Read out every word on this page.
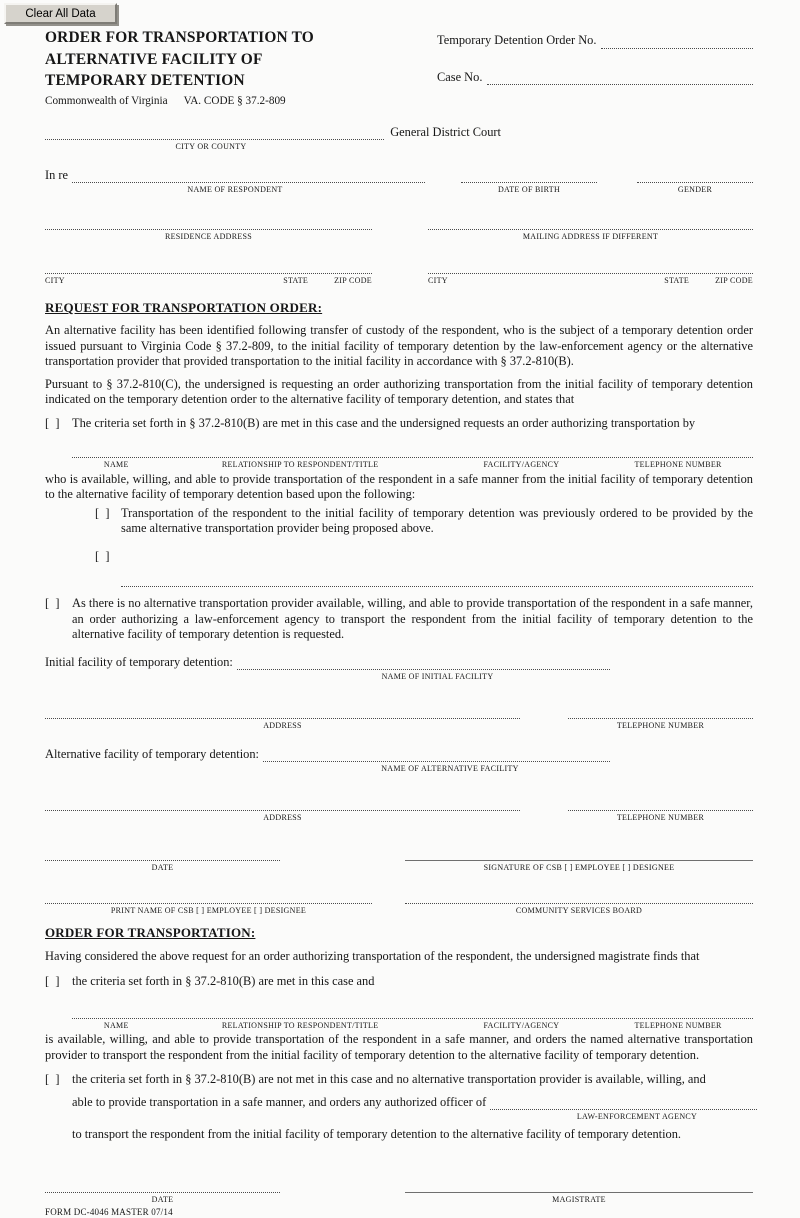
Clear All Data
ORDER FOR TRANSPORTATION TO
ALTERNATIVE FACILITY OF
TEMPORARY DETENTION
Commonwealth of Virginia VA. CODE § 37.2-809
Temporary Detention Order No.
Case No.
General District Court
CITY OR COUNTY
In re
NAME OF RESPONDENT	DATE OF BIRTH	GENDER
RESIDENCE ADDRESS	MAILING ADDRESS IF DIFFERENT
CITY	STATE	ZIP CODE	CITY	STATE	ZIP CODE
REQUEST FOR TRANSPORTATION ORDER:

An alternative facility has been identified following transfer of custody of the respondent, who is the subject of a temporary detention order issued pursuant to Virginia Code § 37.2-809, to the initial facility of temporary detention by the law-enforcement agency or the alternative transportation provider that provided transportation to the initial facility in accordance with § 37.2-810(B).

Pursuant to § 37.2-810(C), the undersigned is requesting an order authorizing transportation from the initial facility of temporary detention indicated on the temporary detention order to the alternative facility of temporary detention, and states that

[  ]	The criteria set forth in § 37.2-810(B) are met in this case and the undersigned requests an order authorizing transportation by
NAME	RELATIONSHIP TO RESPONDENT/TITLE	FACILITY/AGENCY	TELEPHONE NUMBER

who is available, willing, and able to provide transportation of the respondent in a safe manner from the initial facility of temporary detention to the alternative facility of temporary detention based upon the following:

[  ] Transportation of the respondent to the initial facility of temporary detention was previously ordered to be provided by the same alternative transportation provider being proposed above.
[  ]
[  ]	As there is no alternative transportation provider available, willing, and able to provide transportation of the respondent in a safe manner, an order authorizing a law-enforcement agency to transport the respondent from the initial facility of temporary detention to the alternative facility of temporary detention is requested.
Initial facility of temporary detention:
NAME OF INITIAL FACILITY
ADDRESS	TELEPHONE NUMBER
Alternative facility of temporary detention:
NAME OF ALTERNATIVE FACILITY
ADDRESS	TELEPHONE NUMBER
DATE	SIGNATURE OF CSB [ ] EMPLOYEE [ ] DESIGNEE
PRINT NAME OF CSB [ ] EMPLOYEE [ ] DESIGNEE	COMMUNITY SERVICES BOARD
ORDER FOR TRANSPORTATION:

Having considered the above request for an order authorizing transportation of the respondent, the undersigned magistrate finds that

[  ]	the criteria set forth in § 37.2-810(B) are met in this case and
NAME	RELATIONSHIP TO RESPONDENT/TITLE	FACILITY/AGENCY	TELEPHONE NUMBER

is available, willing, and able to provide transportation of the respondent in a safe manner, and orders the named alternative transportation provider to transport the respondent from the initial facility of temporary detention to the alternative facility of temporary detention.

[  ]	the criteria set forth in § 37.2-810(B) are not met in this case and no alternative transportation provider is available, willing, and
able to provide transportation in a safe manner, and orders any authorized officer of
LAW-ENFORCEMENT AGENCY
to transport the respondent from the initial facility of temporary detention to the alternative facility of temporary detention.
DATE	MAGISTRATE
FORM DC-4046 MASTER 07/14
